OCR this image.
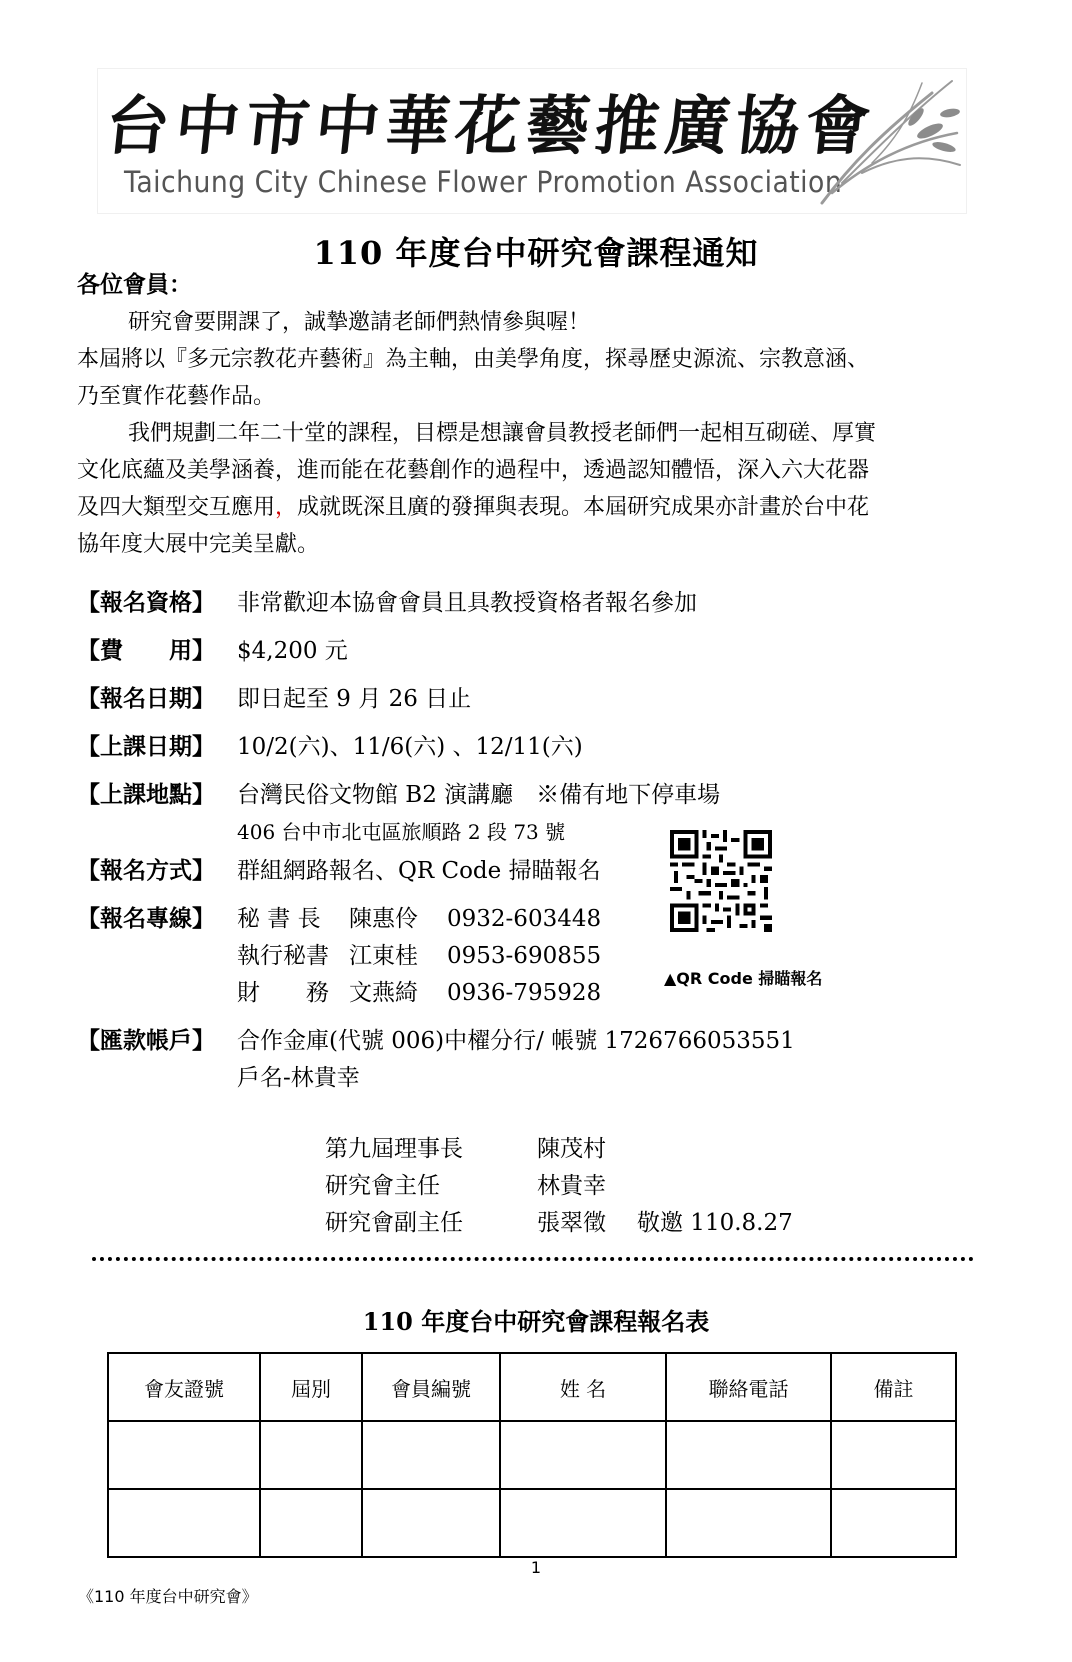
台中市中華花藝推廣協會
Taichung City Chinese Flower Promotion Association
110 年度台中研究會課程通知
各位會員：
研究會要開課了，誠摯邀請老師們熱情參與喔！
本屆將以『多元宗教花卉藝術』為主軸，由美學角度，探尋歷史源流、宗教意涵、
乃至實作花藝作品。
我們規劃二年二十堂的課程，目標是想讓會員教授老師們一起相互砌磋、厚實
文化底蘊及美學涵養，進而能在花藝創作的過程中，透過認知體悟，深入六大花器
及四大類型交互應用，成就既深且廣的發揮與表現。本屆研究成果亦計畫於台中花
協年度大展中完美呈獻。
【報名資格】 非常歡迎本協會會員且具教授資格者報名參加
【費　　用】 $4,200 元
【報名日期】 即日起至 9 月 26 日止
【上課日期】 10/2(六)、11/6(六) 、12/11(六)
【上課地點】 台灣民俗文物館 B2 演講廳　※備有地下停車場
406 台中市北屯區旅順路 2 段 73 號
【報名方式】 群組網路報名、QR Code 掃瞄報名
【報名專線】 秘 書 長 陳惠伶 0932-603448
執行秘書 江東桂 0953-690855
財　　務 文燕綺 0936-795928
▲QR Code 掃瞄報名
【匯款帳戶】 合作金庫(代號 006)中櫂分行/ 帳號 1726766053551
戶名-林貴幸
第九屆理事長	陳茂村
研究會主任	林貴幸
研究會副主任	張翠徵 敬邀 110.8.27
110 年度台中研究會課程報名表
會友證號	屆別	會員編號	姓 名	聯絡電話	備註

1
《110 年度台中研究會》
